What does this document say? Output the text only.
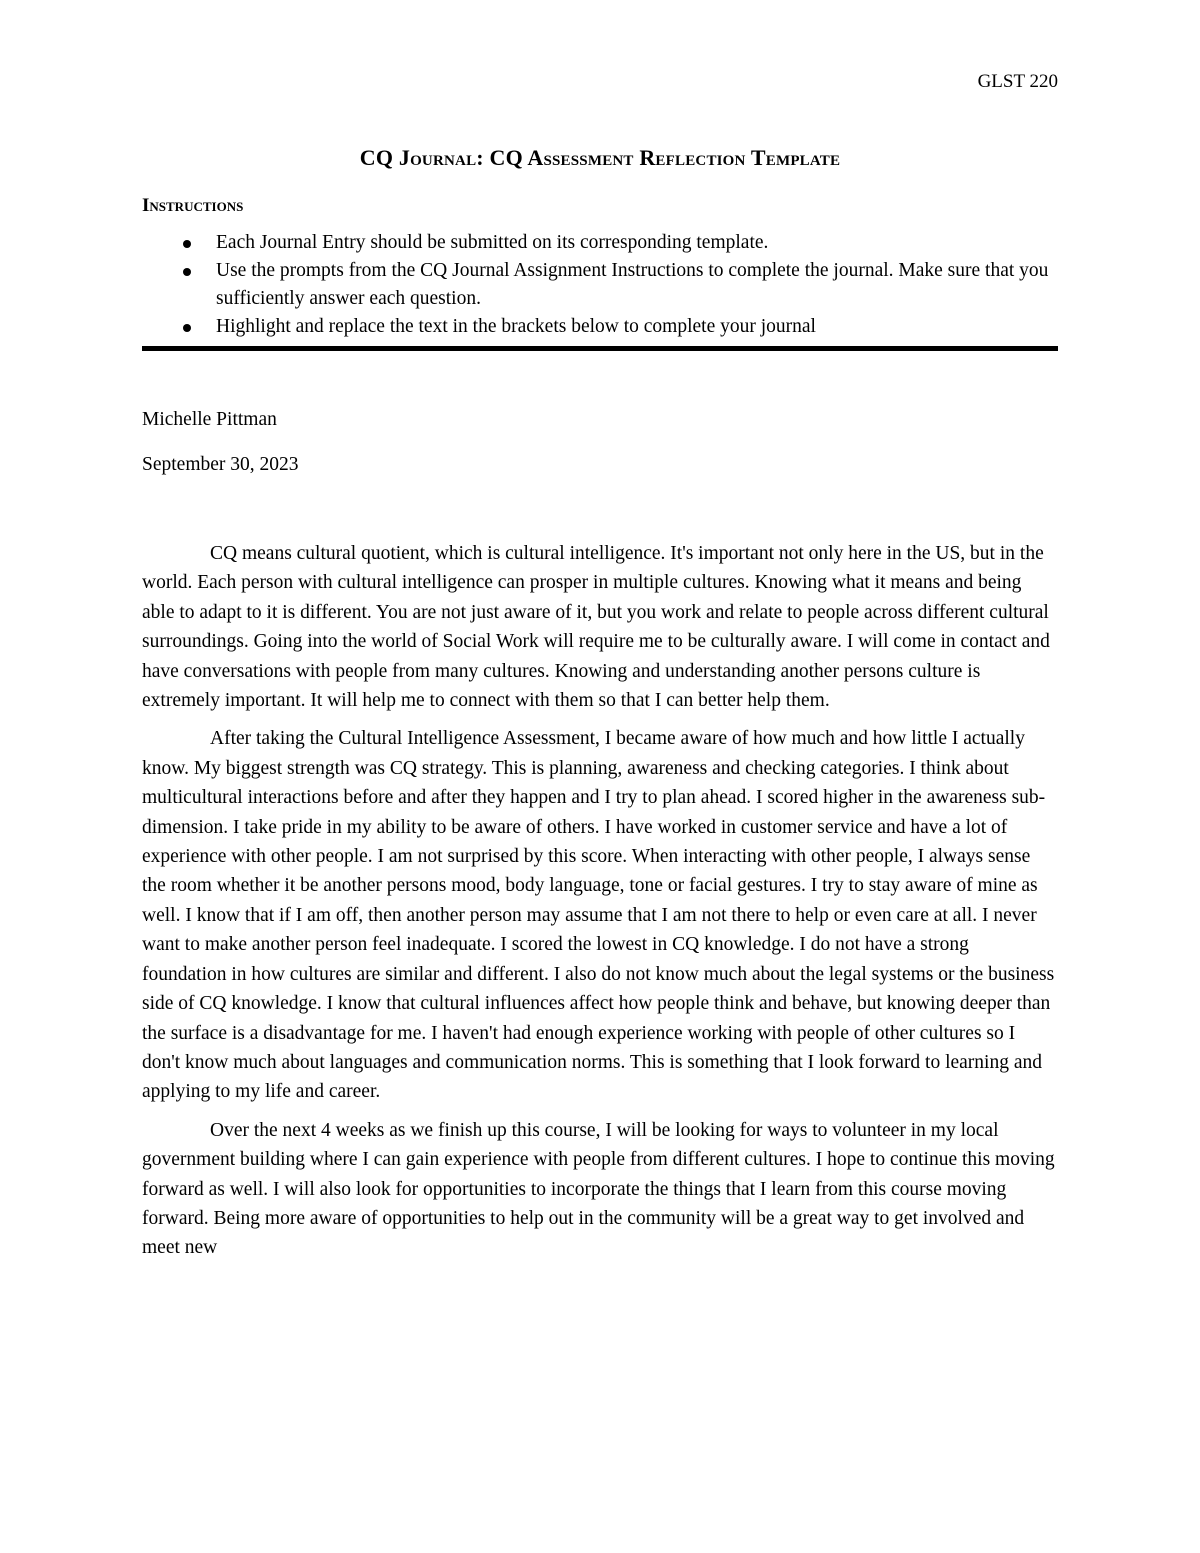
GLST 220
CQ Journal: CQ Assessment Reflection Template
Instructions
Each Journal Entry should be submitted on its corresponding template.
Use the prompts from the CQ Journal Assignment Instructions to complete the journal. Make sure that you sufficiently answer each question.
Highlight and replace the text in the brackets below to complete your journal
Michelle Pittman
September 30, 2023

CQ means cultural quotient, which is cultural intelligence. It's important not only here in the US, but in the world. Each person with cultural intelligence can prosper in multiple cultures. Knowing what it means and being able to adapt to it is different. You are not just aware of it, but you work and relate to people across different cultural surroundings. Going into the world of Social Work will require me to be culturally aware. I will come in contact and have conversations with people from many cultures. Knowing and understanding another persons culture is extremely important. It will help me to connect with them so that I can better help them.

After taking the Cultural Intelligence Assessment, I became aware of how much and how little I actually know. My biggest strength was CQ strategy. This is planning, awareness and checking categories. I think about multicultural interactions before and after they happen and I try to plan ahead. I scored higher in the awareness sub-dimension. I take pride in my ability to be aware of others. I have worked in customer service and have a lot of experience with other people. I am not surprised by this score. When interacting with other people, I always sense the room whether it be another persons mood, body language, tone or facial gestures. I try to stay aware of mine as well. I know that if I am off, then another person may assume that I am not there to help or even care at all. I never want to make another person feel inadequate. I scored the lowest in CQ knowledge. I do not have a strong foundation in how cultures are similar and different. I also do not know much about the legal systems or the business side of CQ knowledge. I know that cultural influences affect how people think and behave, but knowing deeper than the surface is a disadvantage for me. I haven't had enough experience working with people of other cultures so I don't know much about languages and communication norms. This is something that I look forward to learning and applying to my life and career.

Over the next 4 weeks as we finish up this course, I will be looking for ways to volunteer in my local government building where I can gain experience with people from different cultures. I hope to continue this moving forward as well. I will also look for opportunities to incorporate the things that I learn from this course moving forward. Being more aware of opportunities to help out in the community will be a great way to get involved and meet new
